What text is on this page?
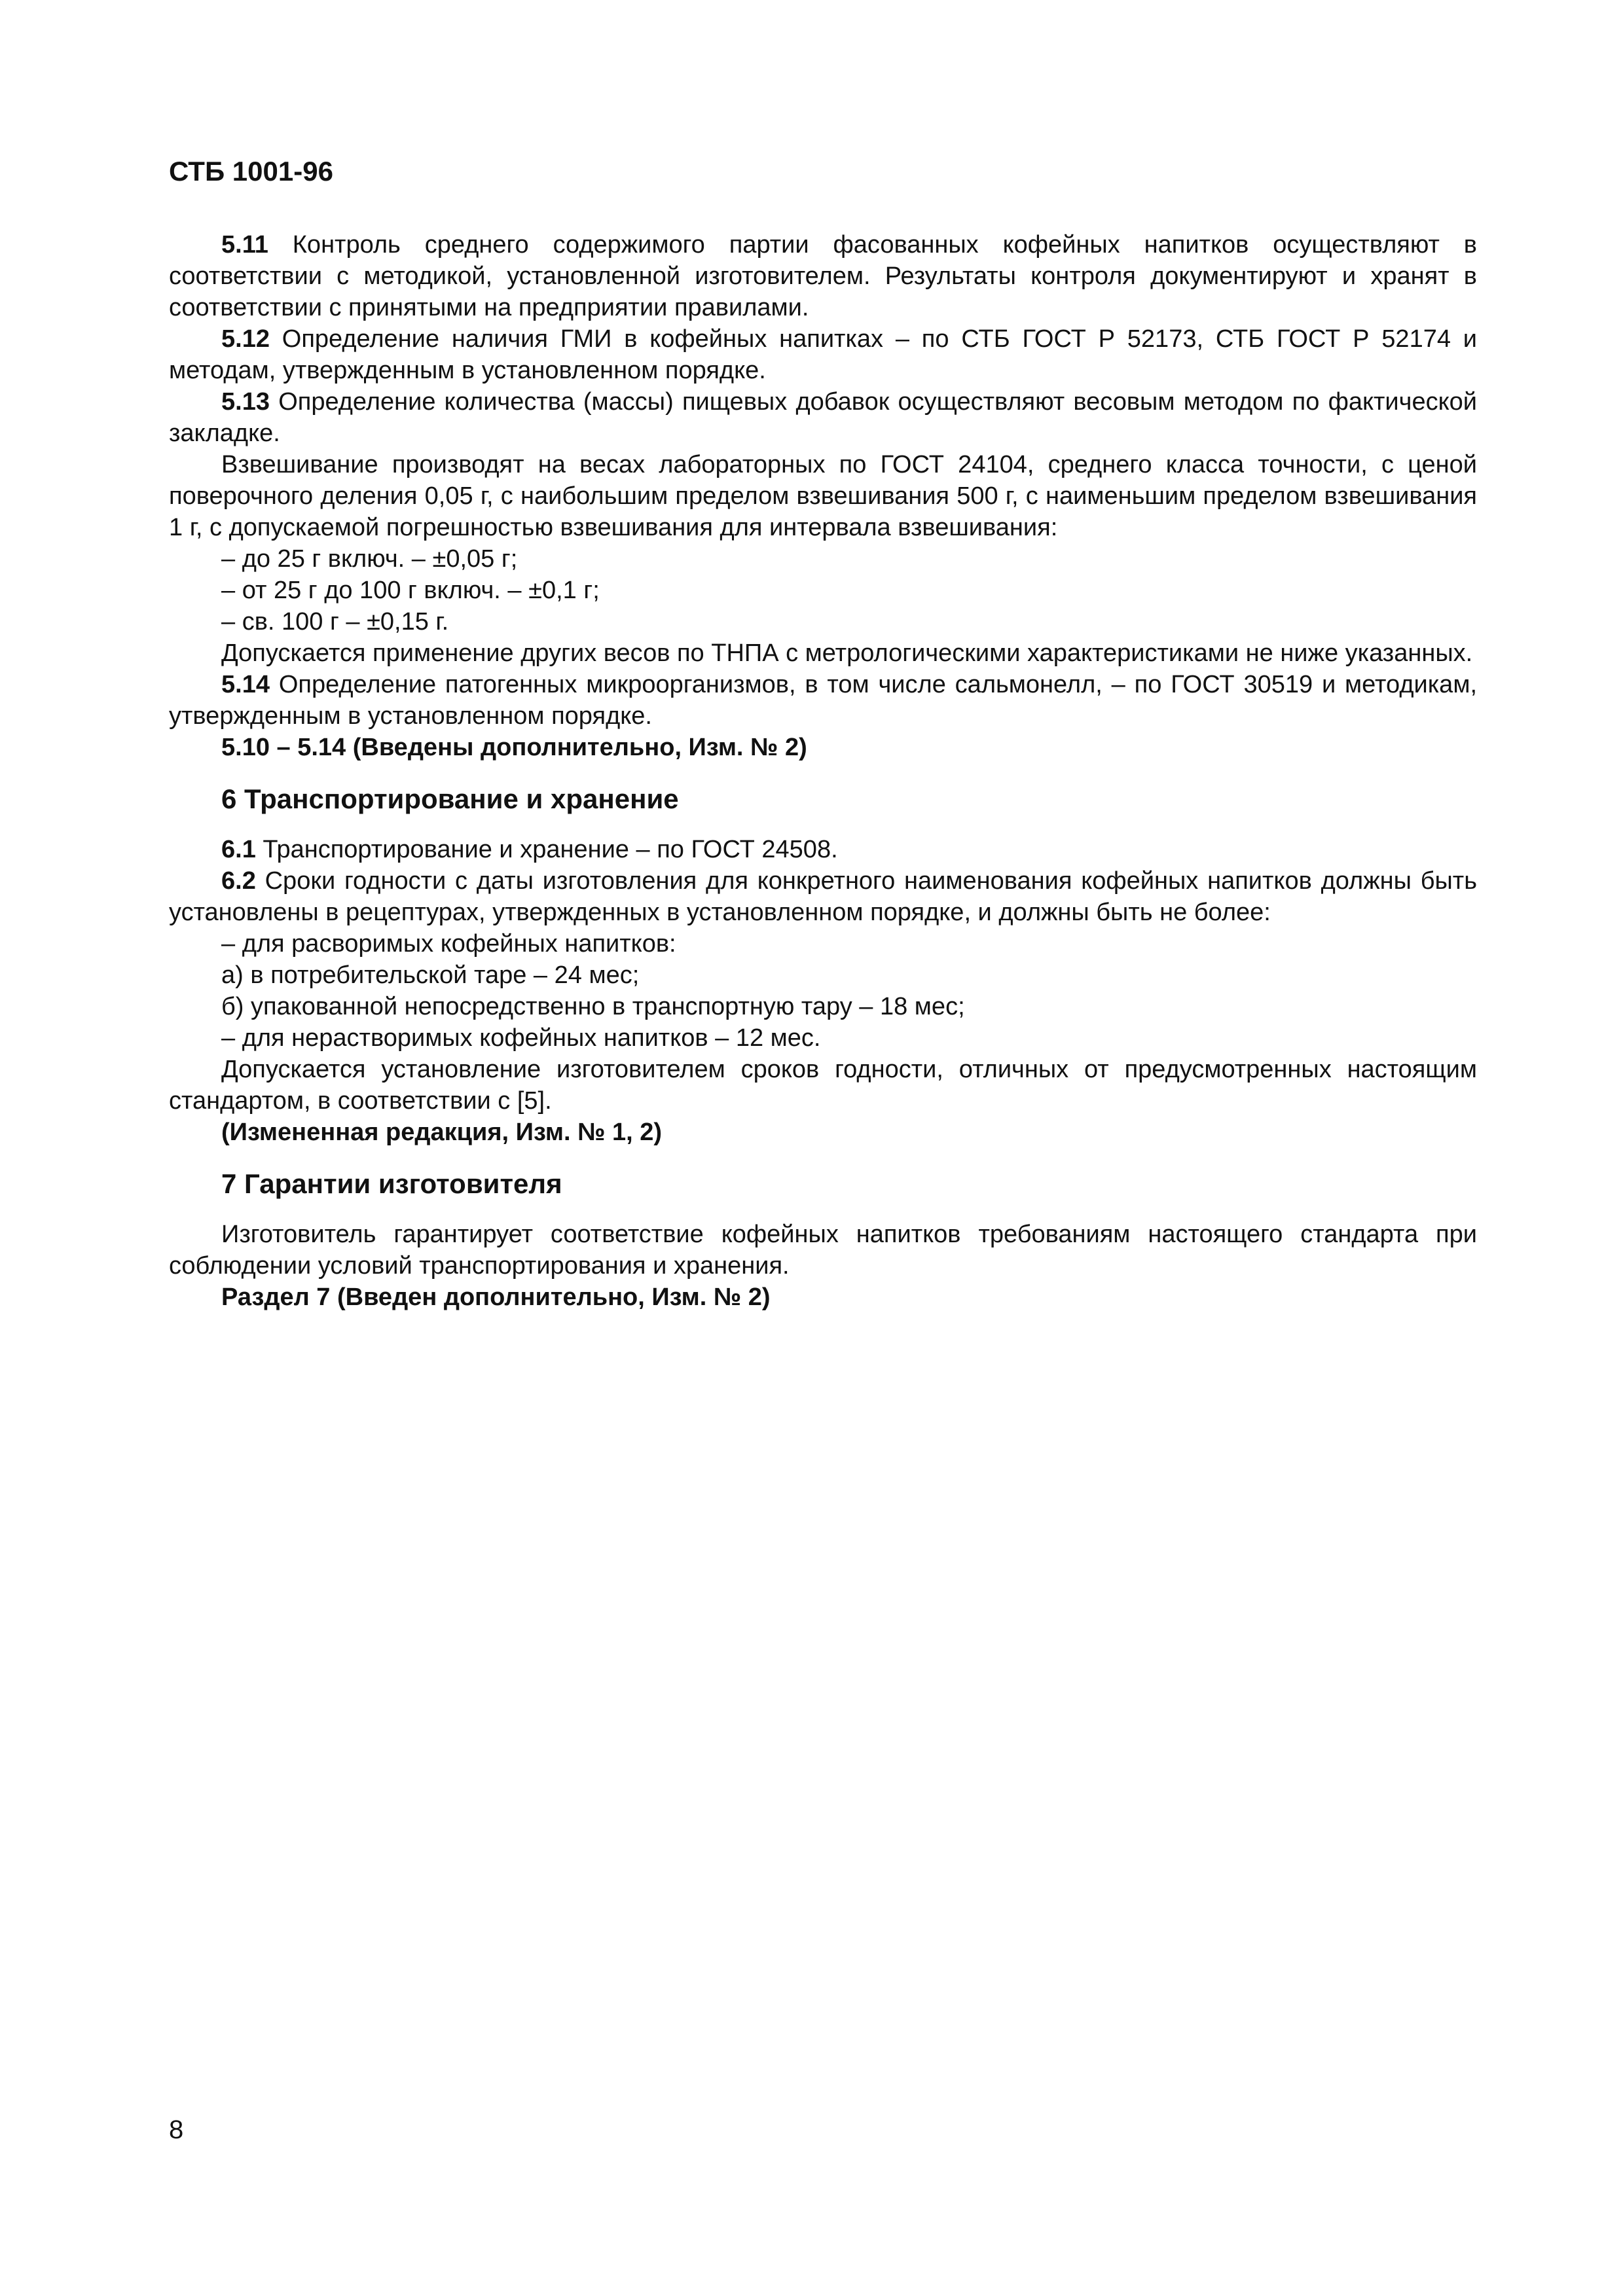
СТБ 1001-96

5.11 Контроль среднего содержимого партии фасованных кофейных напитков осуществляют в соответствии с методикой, установленной изготовителем. Результаты контроля документируют и хранят в соответствии с принятыми на предприятии правилами.

5.12 Определение наличия ГМИ в кофейных напитках – по СТБ ГОСТ Р 52173, СТБ ГОСТ Р 52174 и методам, утвержденным в установленном порядке.

5.13 Определение количества (массы) пищевых добавок осуществляют весовым методом по фактической закладке.

Взвешивание производят на весах лабораторных по ГОСТ 24104, среднего класса точности, с ценой поверочного деления 0,05 г, с наибольшим пределом взвешивания 500 г, с наименьшим пределом взвешивания 1 г, с допускаемой погрешностью взвешивания для интервала взвешивания:

– до 25 г включ. – ±0,05 г;

– от 25 г до 100 г включ. – ±0,1 г;

– св. 100 г – ±0,15 г.

Допускается применение других весов по ТНПА с метрологическими характеристиками не ниже указанных.

5.14 Определение патогенных микроорганизмов, в том числе сальмонелл, – по ГОСТ 30519 и методикам, утвержденным в установленном порядке.

5.10 – 5.14 (Введены дополнительно, Изм. № 2)

6 Транспортирование и хранение

6.1 Транспортирование и хранение – по ГОСТ 24508.

6.2 Сроки годности с даты изготовления для конкретного наименования кофейных напитков должны быть установлены в рецептурах, утвержденных в установленном порядке, и должны быть не более:

– для расворимых кофейных напитков:

а) в потребительской таре – 24 мес;

б) упакованной непосредственно в транспортную тару – 18 мес;

– для нерастворимых кофейных напитков – 12 мес.

Допускается установление изготовителем сроков годности, отличных от предусмотренных настоящим стандартом, в соответствии с [5].

(Измененная редакция, Изм. № 1, 2)

7 Гарантии изготовителя

Изготовитель гарантирует соответствие кофейных напитков требованиям настоящего стандарта при соблюдении условий транспортирования и хранения.

Раздел 7 (Введен дополнительно, Изм. № 2)

8
